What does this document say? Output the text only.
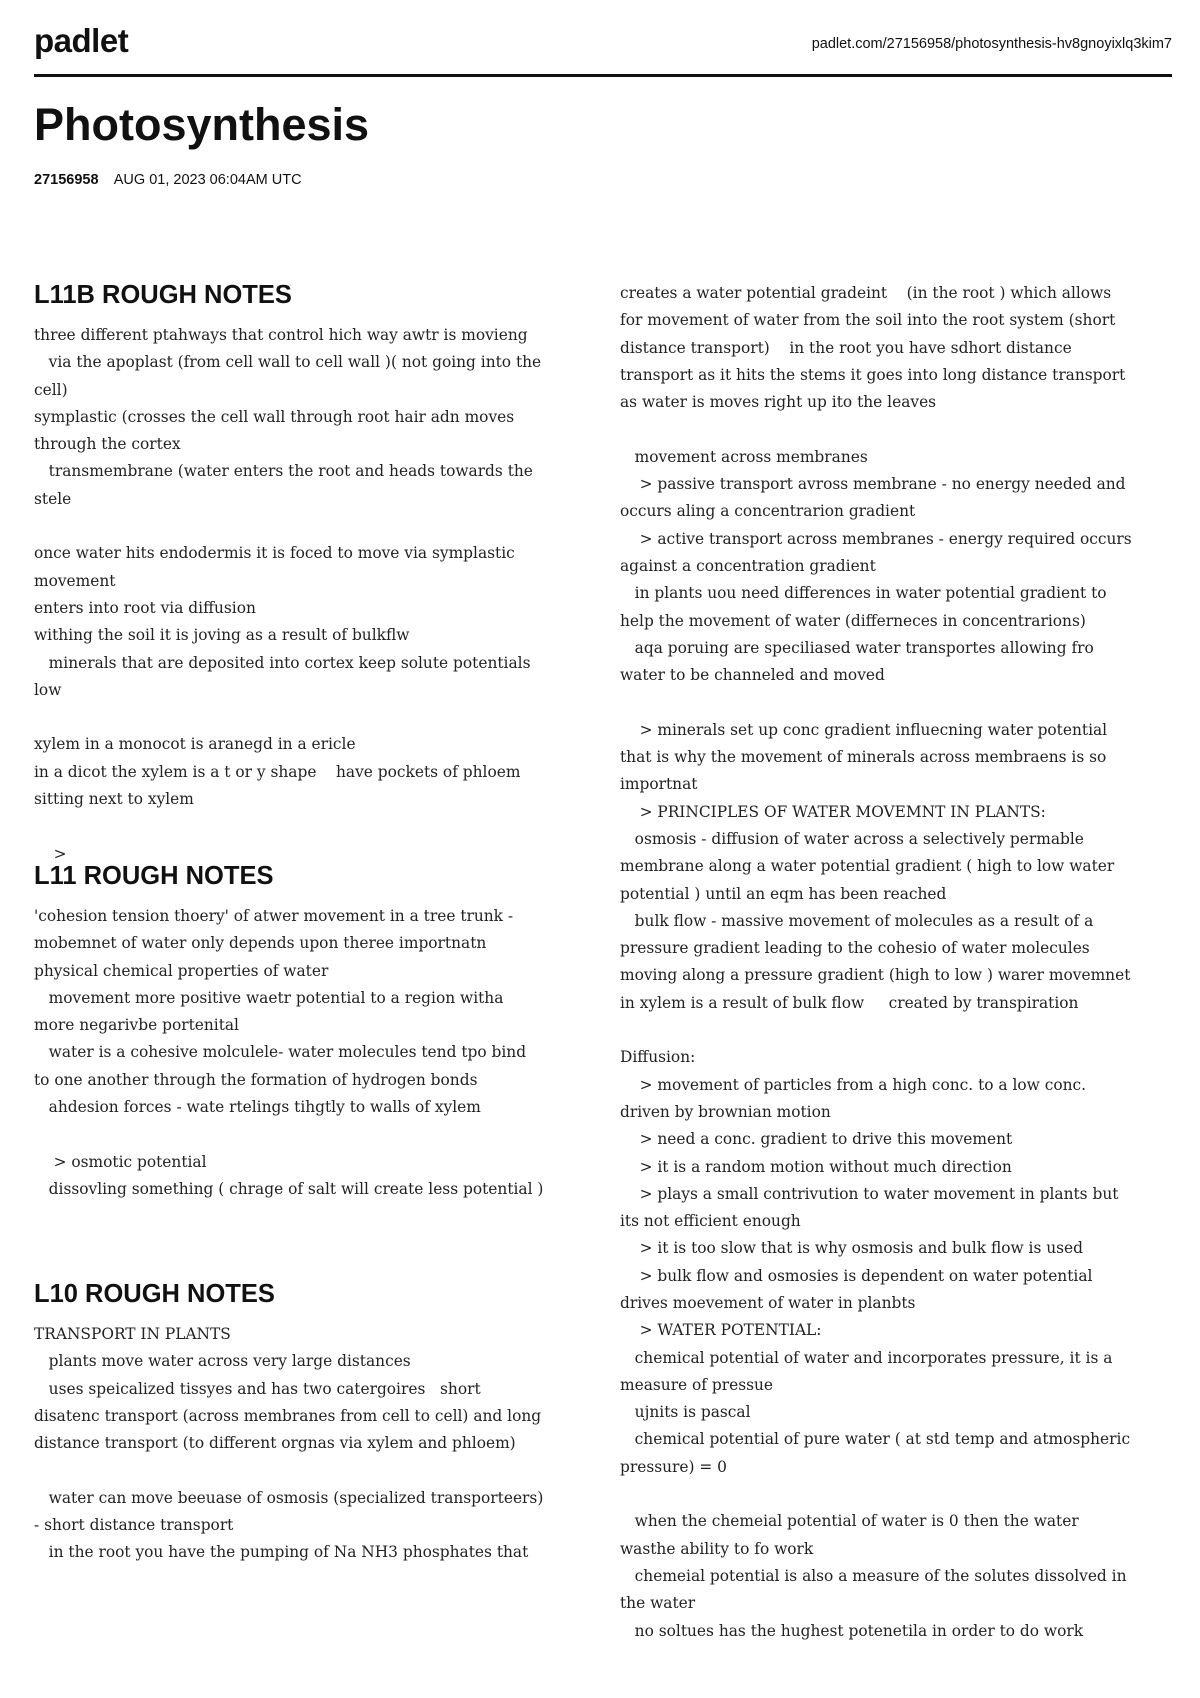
padlet	padlet.com/27156958/photosynthesis-hv8gnoyixlq3kim7
Photosynthesis
27156958 AUG 01, 2023 06:04AM UTC
L11B ROUGH NOTES
three different ptahways that control hich way awtr is movieng
via the apoplast (from cell wall to cell wall )( not going into the
cell)
symplastic (crosses the cell wall through root hair adn moves
through the cortex
transmembrane (water enters the root and heads towards the
stele
once water hits endodermis it is foced to move via symplastic
movement
enters into root via diffusion
withing the soil it is joving as a result of bulkflw
minerals that are deposited into cortex keep solute potentials
low
xylem in a monocot is aranegd in a ericle
in a dicot the xylem is a t or y shape    have pockets of phloem
sitting next to xylem
>
L11 ROUGH NOTES
'cohesion tension thoery' of atwer movement in a tree trunk -
mobemnet of water only depends upon theree importnatn
physical chemical properties of water
movement more positive waetr potential to a region witha
more negarivbe portenital
water is a cohesive molculele- water molecules tend tpo bind
to one another through the formation of hydrogen bonds
ahdesion forces - wate rtelings tihgtly to walls of xylem
> osmotic potential
dissovling something ( chrage of salt will create less potential )
L10 ROUGH NOTES
TRANSPORT IN PLANTS
plants move water across very large distances
uses speicalized tissyes and has two catergoires   short
disatenc transport (across membranes from cell to cell) and long
distance transport (to different orgnas via xylem and phloem)
water can move beeuase of osmosis (specialized transporteers)
- short distance transport
in the root you have the pumping of Na NH3 phosphates that
creates a water potential gradeint    (in the root ) which allows
for movement of water from the soil into the root system (short
distance transport)    in the root you have sdhort distance
transport as it hits the stems it goes into long distance transport
as water is moves right up ito the leaves
movement across membranes
> passive transport avross membrane - no energy needed and
occurs aling a concentrarion gradient
> active transport across membranes - energy required occurs
against a concentration gradient
in plants uou need differences in water potential gradient to
help the movement of water (differneces in concentrarions)
aqa poruing are speciliased water transportes allowing fro
water to be channeled and moved
> minerals set up conc gradient influecning water potential
that is why the movement of minerals across membraens is so
importnat
> PRINCIPLES OF WATER MOVEMNT IN PLANTS:
osmosis - diffusion of water across a selectively permable
membrane along a water potential gradient ( high to low water
potential ) until an eqm has been reached
bulk flow - massive movement of molecules as a result of a
pressure gradient leading to the cohesio of water molecules
moving along a pressure gradient (high to low ) warer movemnet
in xylem is a result of bulk flow     created by transpiration
Diffusion:
> movement of particles from a high conc. to a low conc.
driven by brownian motion
> need a conc. gradient to drive this movement
> it is a random motion without much direction
> plays a small contrivution to water movement in plants but
its not efficient enough
> it is too slow that is why osmosis and bulk flow is used
> bulk flow and osmosies is dependent on water potential
drives moevement of water in planbts
> WATER POTENTIAL:
chemical potential of water and incorporates pressure, it is a
measure of pressue
ujnits is pascal
chemical potential of pure water ( at std temp and atmospheric
pressure) = 0
when the chemeial potential of water is 0 then the water
wasthe ability to fo work
chemeial potential is also a measure of the solutes dissolved in
the water
no soltues has the hughest potenetila in order to do work
